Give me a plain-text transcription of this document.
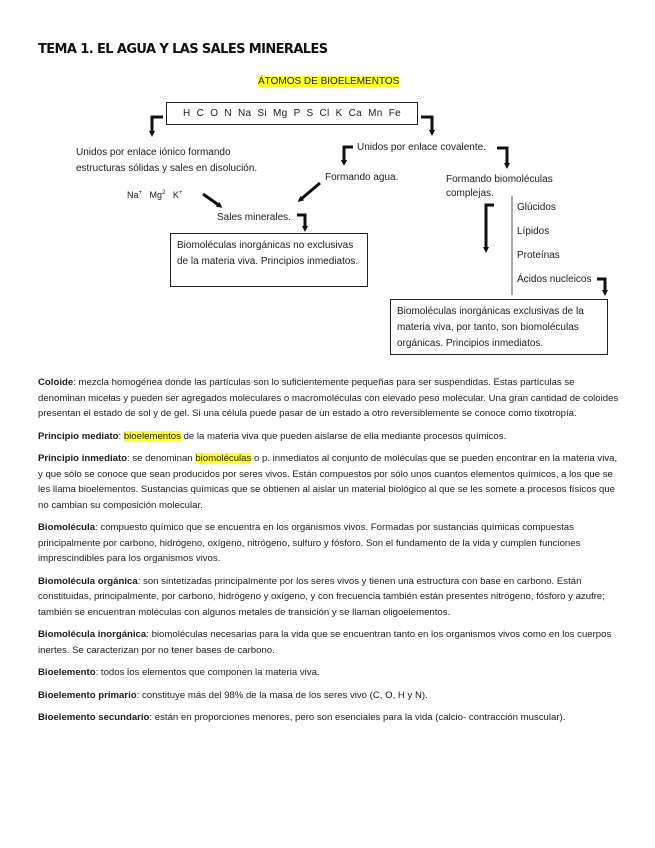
TEMA 1. EL AGUA Y LAS SALES MINERALES
ÁTOMOS DE BIOELEMENTOS
H C O N Na Si Mg P S Cl K Ca Mn Fe
Unidos por enlace iónico formando
estructuras sólidas y sales en disolución.
Na+ Mg$^2$ K+
Unidos por enlace covalente.
Formando agua.
Sales minerales.
Biomoléculas inorgánicas no exclusivas de la materia viva. Principios inmediatos.
Formando biomoléculas
complejas.
Glúcidos
Lípidos
Proteínas
Ácidos nucleicos
Biomoléculas inorgánicas exclusivas de la materia viva, por tanto, son biomoléculas orgánicas. Principios inmediatos.

Coloide: mezcla homogénea donde las partículas son lo suficientemente pequeñas para ser suspendidas. Estas partículas se denominan micelas y pueden ser agregados moleculares o macromoléculas con elevado peso molecular. Una gran cantidad de coloides presentan el estado de sol y de gel. Si una célula puede pasar de un estado a otro reversiblemente se conoce como tixotropía.

Principio mediato: bioelementos de la materia viva que pueden aislarse de ella mediante procesos químicos.

Principio inmediato: se denominan biomoléculas o p. inmediatos al conjunto de moléculas que se pueden encontrar en la materia viva, y que sólo se conoce que sean producidos por seres vivos. Están compuestos por sólo unos cuantos elementos químicos, a los que se les llama bioelementos. Sustancias químicas que se obtienen al aislar un material biológico al que se les somete a procesos físicos que no cambian su composición molecular.

Biomolécula: compuesto químico que se encuentra en los organismos vivos. Formadas por sustancias químicas compuestas principalmente por carbono, hidrógeno, oxígeno, nitrógeno, sulfuro y fósforo. Son el fundamento de la vida y cumplen funciones imprescindibles para los organismos vivos.

Biomolécula orgánica: son sintetizadas principalmente por los seres vivos y tienen una estructura con base en carbono. Están constituidas, principalmente, por carbono, hidrógeno y oxígeno, y con frecuencia también están presentes nitrógeno, fósforo y azufre; también se encuentran moléculas con algunos metales de transición y se llaman oligoelementos.

Biomolécula inorgánica: biomoléculas necesarias para la vida que se encuentran tanto en los organismos vivos como en los cuerpos inertes. Se caracterizan por no tener bases de carbono.

Bioelemento: todos los elementos que componen la materia viva.

Bioelemento primario: constituye más del 98% de la masa de los seres vivo (C, O, H y N).

Bioelemento secundario: están en proporciones menores, pero son esenciales para la vida (calcio- contracción muscular).
